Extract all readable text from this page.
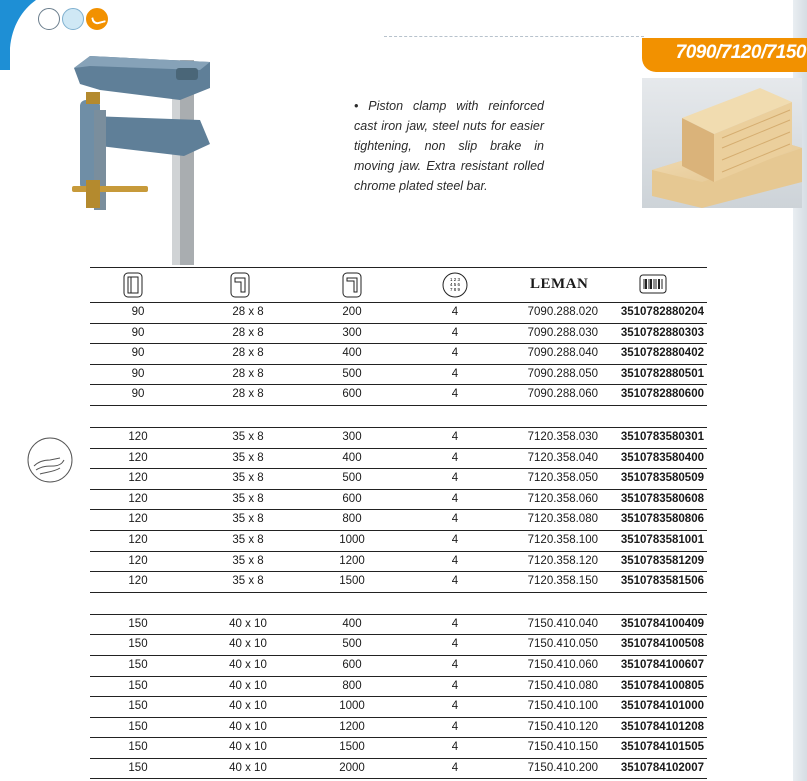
7090/7120/7150
• Piston clamp with reinforced cast iron jaw, steel nuts for easier tightening, non slip brake in moving jaw. Extra resistant rolled chrome plated steel bar.
1 2 3
4 5 6
7 8 9	LEMAN
90	28 x 8	200	4	7090.288.020	3510782880204
90	28 x 8	300	4	7090.288.030	3510782880303
90	28 x 8	400	4	7090.288.040	3510782880402
90	28 x 8	500	4	7090.288.050	3510782880501
90	28 x 8	600	4	7090.288.060	3510782880600
120	35 x 8	300	4	7120.358.030	3510783580301
120	35 x 8	400	4	7120.358.040	3510783580400
120	35 x 8	500	4	7120.358.050	3510783580509
120	35 x 8	600	4	7120.358.060	3510783580608
120	35 x 8	800	4	7120.358.080	3510783580806
120	35 x 8	1000	4	7120.358.100	3510783581001
120	35 x 8	1200	4	7120.358.120	3510783581209
120	35 x 8	1500	4	7120.358.150	3510783581506
150	40 x 10	400	4	7150.410.040	3510784100409
150	40 x 10	500	4	7150.410.050	3510784100508
150	40 x 10	600	4	7150.410.060	3510784100607
150	40 x 10	800	4	7150.410.080	3510784100805
150	40 x 10	1000	4	7150.410.100	3510784101000
150	40 x 10	1200	4	7150.410.120	3510784101208
150	40 x 10	1500	4	7150.410.150	3510784101505
150	40 x 10	2000	4	7150.410.200	3510784102007
